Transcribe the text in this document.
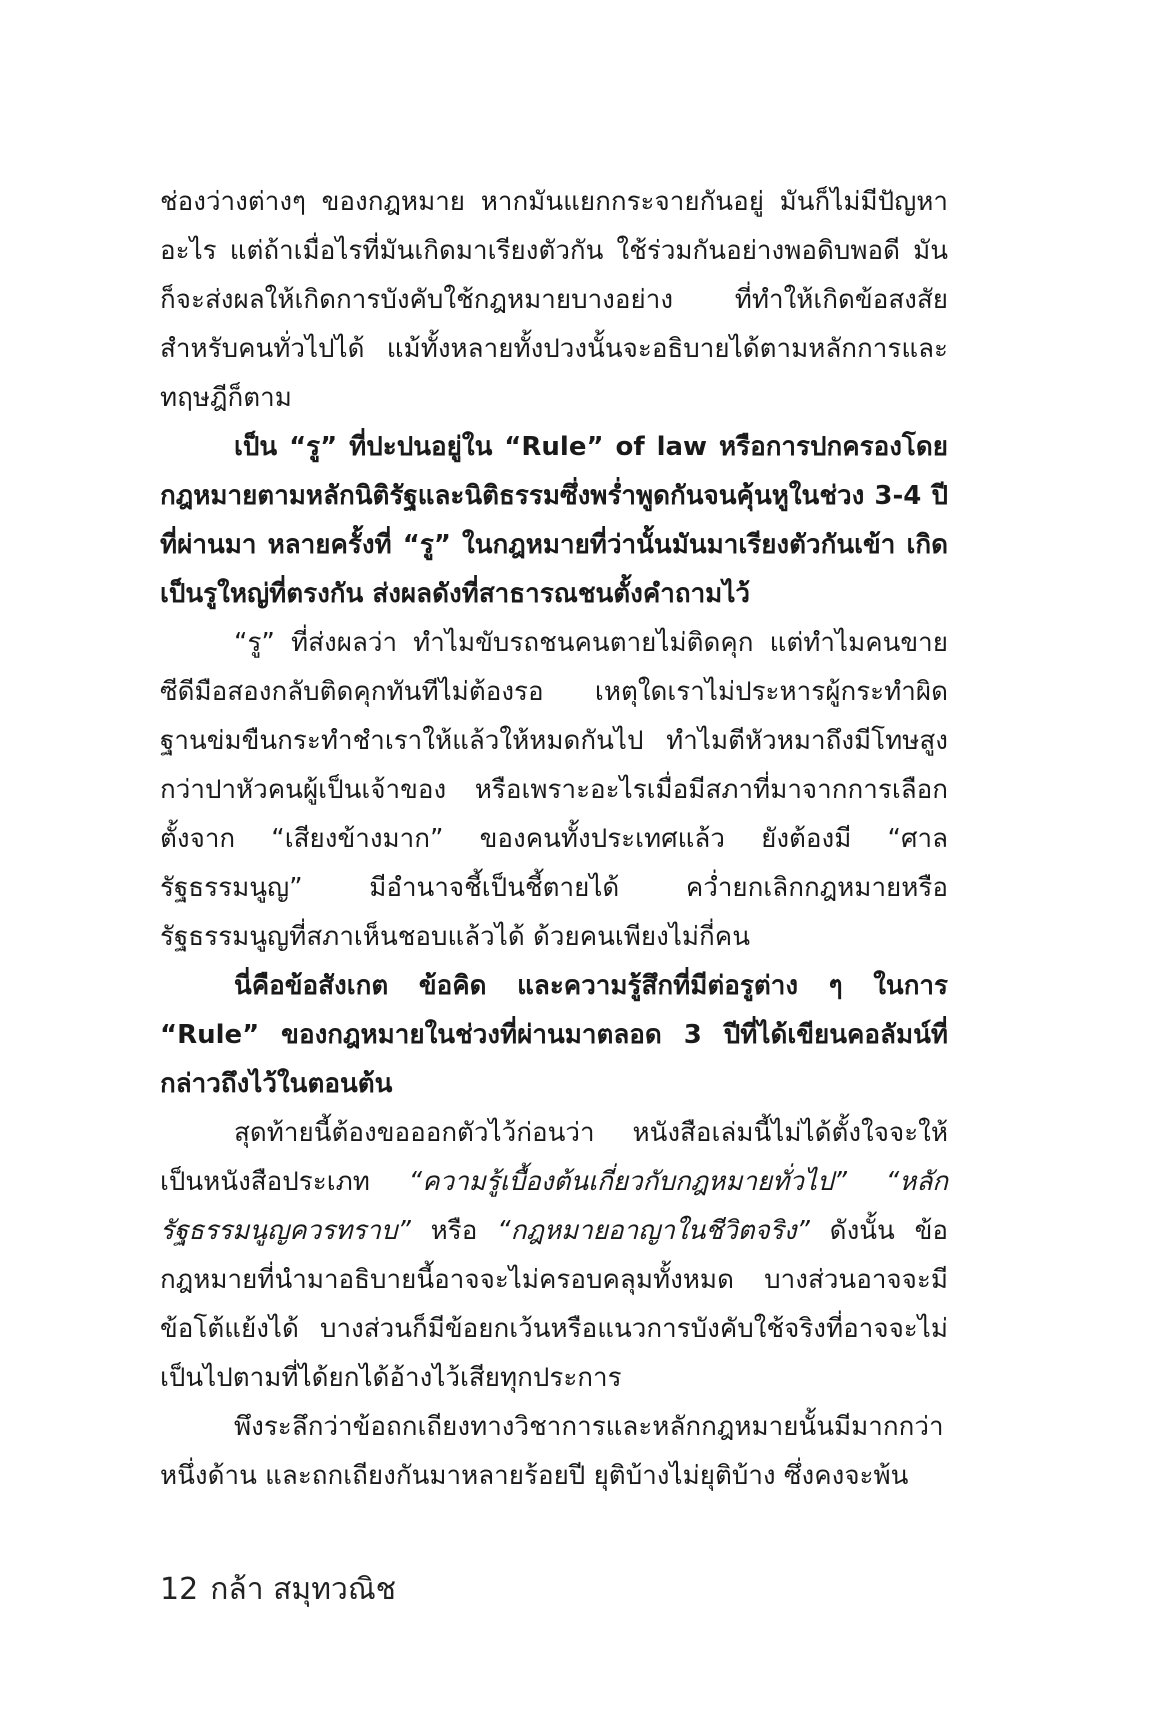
ช่องว่างต่างๆ ของกฎหมาย หากมันแยกกระจายกันอยู่ มันก็ไม่มีปัญหาอะไร แต่ถ้าเมื่อไรที่มันเกิดมาเรียงตัวกัน ใช้ร่วมกันอย่างพอดิบพอดี มันก็จะส่งผลให้เกิดการบังคับใช้กฎหมายบางอย่าง ที่ทำให้เกิดข้อสงสัยสำหรับคนทั่วไปได้ แม้ทั้งหลายทั้งปวงนั้นจะอธิบายได้ตามหลักการและทฤษฎีก็ตาม

เป็น “รู” ที่ปะปนอยู่ใน “Rule” of law หรือการปกครองโดยกฎหมายตามหลักนิติรัฐและนิติธรรมซึ่งพร่ำพูดกันจนคุ้นหูในช่วง 3-4 ปีที่ผ่านมา หลายครั้งที่ “รู” ในกฎหมายที่ว่านั้นมันมาเรียงตัวกันเข้า เกิดเป็นรูใหญ่ที่ตรงกัน ส่งผลดังที่สาธารณชนตั้งคำถามไว้

“รู” ที่ส่งผลว่า ทำไมขับรถชนคนตายไม่ติดคุก แต่ทำไมคนขายซีดีมือสองกลับติดคุกทันทีไม่ต้องรอ เหตุใดเราไม่ประหารผู้กระทำผิดฐานข่มขืนกระทำชำเราให้แล้วให้หมดกันไป ทำไมตีหัวหมาถึงมีโทษสูงกว่าปาหัวคนผู้เป็นเจ้าของ หรือเพราะอะไรเมื่อมีสภาที่มาจากการเลือกตั้งจาก “เสียงข้างมาก” ของคนทั้งประเทศแล้ว ยังต้องมี “ศาลรัฐธรรมนูญ” มีอำนาจชี้เป็นชี้ตายได้ คว่ำยกเลิกกฎหมายหรือรัฐธรรมนูญที่สภาเห็นชอบแล้วได้ ด้วยคนเพียงไม่กี่คน

นี่คือข้อสังเกต ข้อคิด และความรู้สึกที่มีต่อรูต่าง ๆ ในการ “Rule” ของกฎหมายในช่วงที่ผ่านมาตลอด 3 ปีที่ได้เขียนคอลัมน์ที่กล่าวถึงไว้ในตอนต้น

สุดท้ายนี้ต้องขอออกตัวไว้ก่อนว่า หนังสือเล่มนี้ไม่ได้ตั้งใจจะให้เป็นหนังสือประเภท “ความรู้เบื้องต้นเกี่ยวกับกฎหมายทั่วไป” “หลักรัฐธรรมนูญควรทราบ” หรือ “กฎหมายอาญาในชีวิตจริง” ดังนั้น ข้อกฎหมายที่นำมาอธิบายนี้อาจจะไม่ครอบคลุมทั้งหมด บางส่วนอาจจะมีข้อโต้แย้งได้ บางส่วนก็มีข้อยกเว้นหรือแนวการบังคับใช้จริงที่อาจจะไม่เป็นไปตามที่ได้ยกได้อ้างไว้เสียทุกประการ

พึงระลึกว่าข้อถกเถียงทางวิชาการและหลักกฎหมายนั้นมีมากกว่าหนึ่งด้าน และถกเถียงกันมาหลายร้อยปี ยุติบ้างไม่ยุติบ้าง ซึ่งคงจะพ้น

12 กล้า สมุทวณิช
